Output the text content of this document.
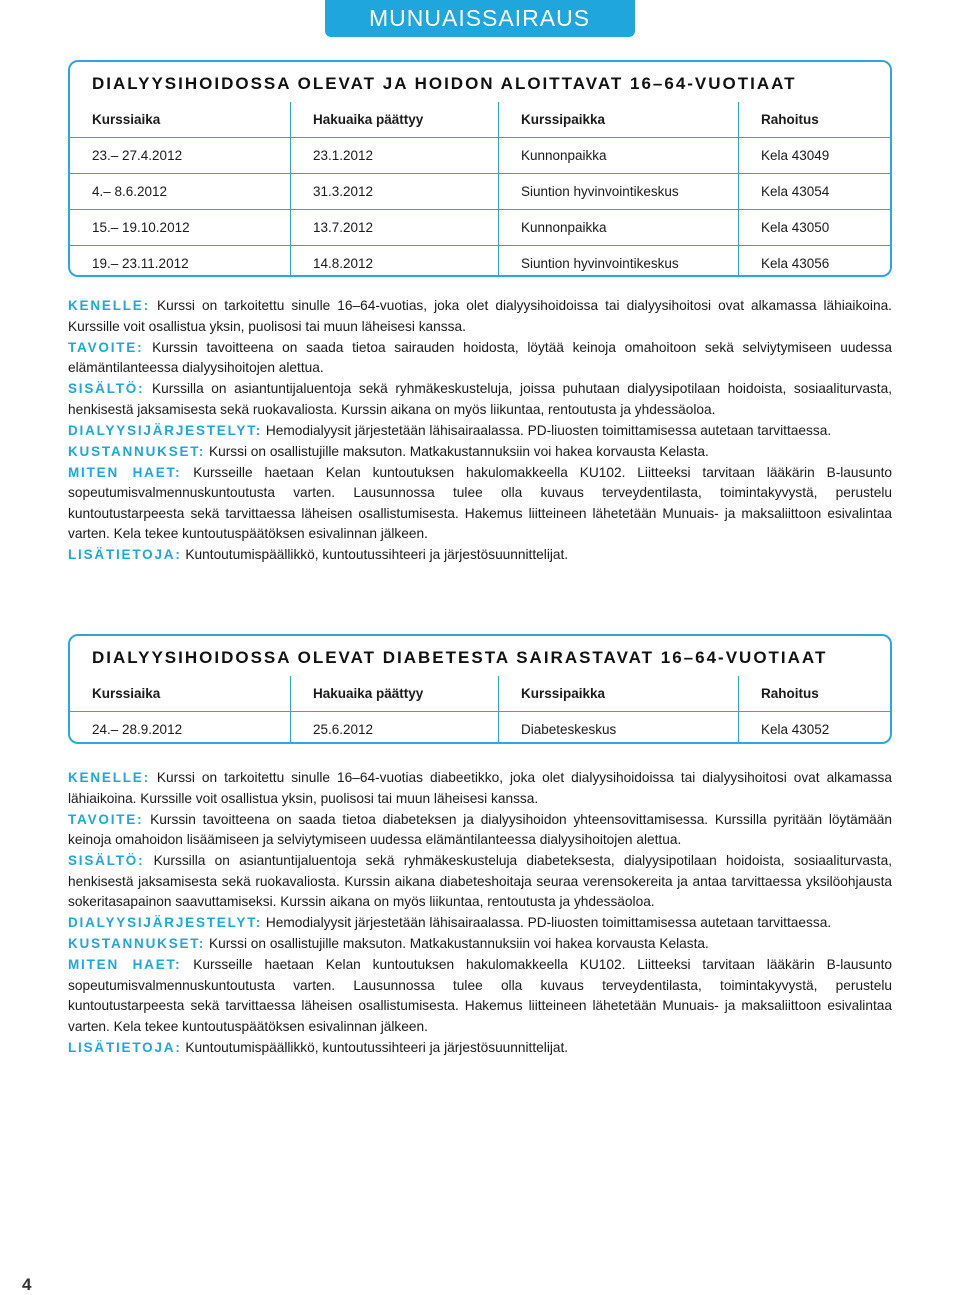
MUNUAISSAIRAUS
DIALYYSIHOIDOSSA OLEVAT JA HOIDON ALOITTAVAT 16–64-VUOTIAAT
Kurssiaika	Hakuaika päättyy	Kurssipaikka	Rahoitus
23.– 27.4.2012	23.1.2012	Kunnonpaikka	Kela 43049
4.– 8.6.2012	31.3.2012	Siuntion hyvinvointikeskus	Kela 43054
15.– 19.10.2012	13.7.2012	Kunnonpaikka	Kela 43050
19.– 23.11.2012	14.8.2012	Siuntion hyvinvointikeskus	Kela 43056

KENELLE: Kurssi on tarkoitettu sinulle 16–64-vuotias, joka olet dialyysihoidoissa tai dialyysihoitosi ovat alkamassa lähiaikoina. Kurssille voit osallistua yksin, puolisosi tai muun läheisesi kanssa.

TAVOITE: Kurssin tavoitteena on saada tietoa sairauden hoidosta, löytää keinoja omahoitoon sekä selviytymiseen uudessa elämäntilanteessa dialyysihoitojen alettua.

SISÄLTÖ: Kurssilla on asiantuntijaluentoja sekä ryhmäkeskusteluja, joissa puhutaan dialyysipotilaan hoidoista, sosiaaliturvasta, henkisestä jaksamisesta sekä ruokavaliosta. Kurssin aikana on myös liikuntaa, rentoutusta ja yhdessäoloa.

DIALYYSIJÄRJESTELYT: Hemodialyysit järjestetään lähisairaalassa. PD-liuosten toimittamisessa autetaan tarvittaessa.

KUSTANNUKSET: Kurssi on osallistujille maksuton. Matkakustannuksiin voi hakea korvausta Kelasta.

MITEN HAET: Kursseille haetaan Kelan kuntoutuksen hakulomakkeella KU102. Liitteeksi tarvitaan lääkärin B-lausunto sopeutumisvalmennuskuntoutusta varten. Lausunnossa tulee olla kuvaus terveydentilasta, toimintakyvystä, perustelu kuntoutustarpeesta sekä tarvittaessa läheisen osallistumisesta. Hakemus liitteineen lähetetään Munuais- ja maksaliittoon esivalintaa varten. Kela tekee kuntoutuspäätöksen esivalinnan jälkeen.

LISÄTIETOJA: Kuntoutumispäällikkö, kuntoutussihteeri ja järjestösuunnittelijat.

DIALYYSIHOIDOSSA OLEVAT DIABETESTA SAIRASTAVAT 16–64-VUOTIAAT
Kurssiaika	Hakuaika päättyy	Kurssipaikka	Rahoitus
24.– 28.9.2012	25.6.2012	Diabeteskeskus	Kela 43052

KENELLE: Kurssi on tarkoitettu sinulle 16–64-vuotias diabeetikko, joka olet dialyysihoidoissa tai dialyysihoitosi ovat alkamassa lähiaikoina. Kurssille voit osallistua yksin, puolisosi tai muun läheisesi kanssa.

TAVOITE: Kurssin tavoitteena on saada tietoa diabeteksen ja dialyysihoidon yhteensovittamisessa. Kurssilla pyritään löytämään keinoja omahoidon lisäämiseen ja selviytymiseen uudessa elämäntilanteessa dialyysihoitojen alettua.

SISÄLTÖ: Kurssilla on asiantuntijaluentoja sekä ryhmäkeskusteluja diabeteksesta, dialyysipotilaan hoidoista, sosiaaliturvasta, henkisestä jaksamisesta sekä ruokavaliosta. Kurssin aikana diabeteshoitaja seuraa verensokereita ja antaa tarvittaessa yksilöohjausta sokeritasapainon saavuttamiseksi. Kurssin aikana on myös liikuntaa, rentoutusta ja yhdessäoloa.

DIALYYSIJÄRJESTELYT: Hemodialyysit järjestetään lähisairaalassa. PD-liuosten toimittamisessa autetaan tarvittaessa.

KUSTANNUKSET: Kurssi on osallistujille maksuton. Matkakustannuksiin voi hakea korvausta Kelasta.

MITEN HAET: Kursseille haetaan Kelan kuntoutuksen hakulomakkeella KU102. Liitteeksi tarvitaan lääkärin B-lausunto sopeutumisvalmennuskuntoutusta varten. Lausunnossa tulee olla kuvaus terveydentilasta, toimintakyvystä, perustelu kuntoutustarpeesta sekä tarvittaessa läheisen osallistumisesta. Hakemus liitteineen lähetetään Munuais- ja maksaliittoon esivalintaa varten. Kela tekee kuntoutuspäätöksen esivalinnan jälkeen.

LISÄTIETOJA: Kuntoutumispäällikkö, kuntoutussihteeri ja järjestösuunnittelijat.

4
